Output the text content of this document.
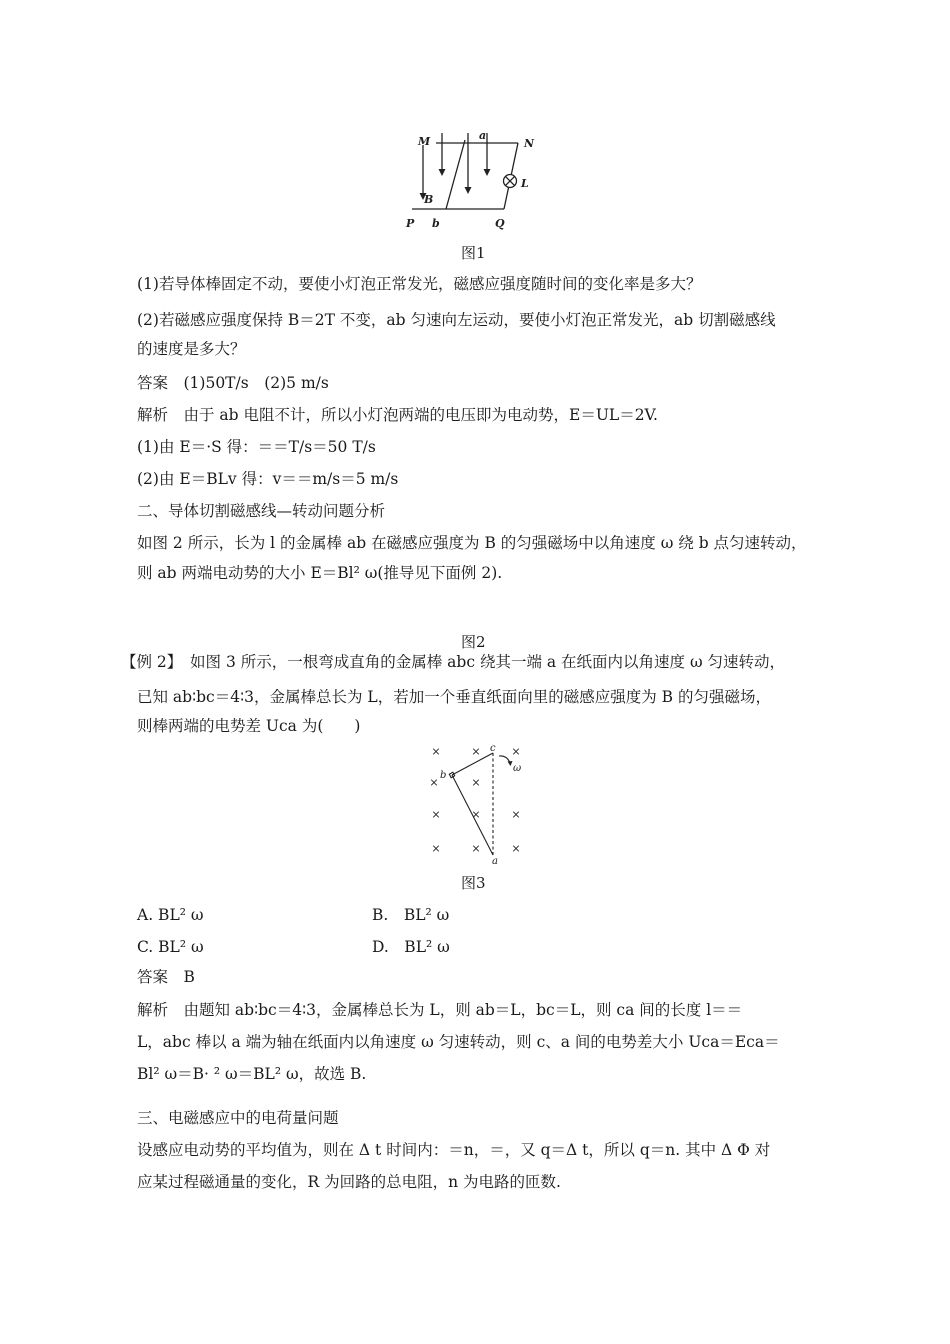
M	a
N
L
B
P b	Q
图1
(1)若导体棒固定不动，要使小灯泡正常发光，磁感应强度随时间的变化率是多大？
(2)若磁感应强度保持 B＝2T 不变，ab 匀速向左运动，要使小灯泡正常发光，ab 切割磁感线
的速度是多大？
答案　(1)50T/s　(2)5 m/s
解析　由于 ab 电阻不计，所以小灯泡两端的电压即为电动势，E＝UL＝2V.
(1)由 E＝·S 得：＝＝T/s＝50 T/s
(2)由 E＝BLv 得：v＝＝m/s＝5 m/s
二、导体切割磁感线—转动问题分析
如图 2 所示，长为 l 的金属棒 ab 在磁感应强度为 B 的匀强磁场中以角速度 ω 绕 b 点匀速转动，
则 ab 两端电动势的大小 E＝Bl² ω(推导见下面例 2).
图2
【例 2】　如图 3 所示，一根弯成直角的金属棒 abc 绕其一端 a 在纸面内以角速度 ω 匀速转动，
已知 ab∶bc＝4∶3，金属棒总长为 L，若加一个垂直纸面向里的磁感应强度为 B 的匀强磁场，
则棒两端的电势差 Uca 为(　　)
×	×	×
×	×
×	×	×
×	×	×
c
ω
b
a
图3
A. BL² ω	B.　BL² ω
C. BL² ω	D.　BL² ω
答案　B
解析　由题知 ab∶bc＝4∶3，金属棒总长为 L，则 ab＝L，bc＝L，则 ca 间的长度 l＝＝
L，abc 棒以 a 端为轴在纸面内以角速度 ω 匀速转动，则 c、a 间的电势差大小 Uca＝Eca＝
Bl² ω＝B· ² ω＝BL² ω，故选 B.
三、电磁感应中的电荷量问题
设感应电动势的平均值为，则在 Δ t 时间内：＝n，＝，又 q＝Δ t，所以 q＝n. 其中 Δ Φ 对
应某过程磁通量的变化，R 为回路的总电阻，n 为电路的匝数.
